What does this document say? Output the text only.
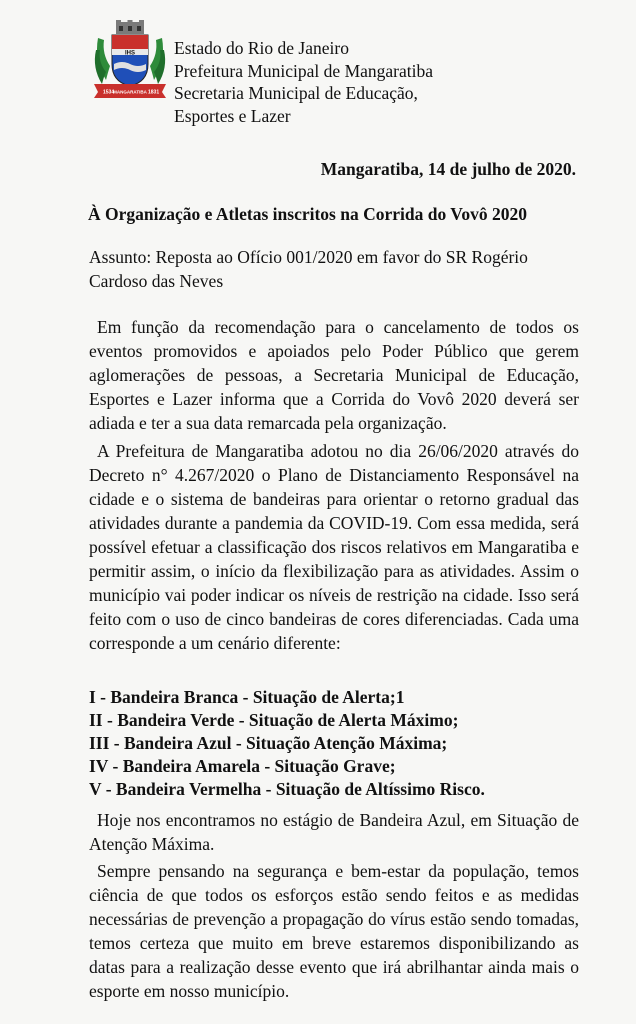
IHS
1534 MANGARATIBA 1831
Estado do Rio de Janeiro
Prefeitura Municipal de Mangaratiba
Secretaria Municipal de Educação,
Esportes e Lazer
Mangaratiba, 14 de julho de 2020.
À Organização e Atletas inscritos na Corrida do Vovô 2020
Assunto: Reposta ao Ofício 001/2020 em favor do SR Rogério Cardoso das Neves
Em função da recomendação para o cancelamento de todos os eventos promovidos e apoiados pelo Poder Público que gerem aglomerações de pessoas, a Secretaria Municipal de Educação, Esportes e Lazer informa que a Corrida do Vovô 2020 deverá ser adiada e ter a sua data remarcada pela organização.
A Prefeitura de Mangaratiba adotou no dia 26/06/2020 através do Decreto n° 4.267/2020 o Plano de Distanciamento Responsável na cidade e o sistema de bandeiras para orientar o retorno gradual das atividades durante a pandemia da COVID-19. Com essa medida, será possível efetuar a classificação dos riscos relativos em Mangaratiba e permitir assim, o início da flexibilização para as atividades. Assim o município vai poder indicar os níveis de restrição na cidade. Isso será feito com o uso de cinco bandeiras de cores diferenciadas. Cada uma corresponde a um cenário diferente:
I - Bandeira Branca - Situação de Alerta;1
II - Bandeira Verde - Situação de Alerta Máximo;
III - Bandeira Azul - Situação Atenção Máxima;
IV - Bandeira Amarela - Situação Grave;
V - Bandeira Vermelha - Situação de Altíssimo Risco.
Hoje nos encontramos no estágio de Bandeira Azul, em Situação de Atenção Máxima.
Sempre pensando na segurança e bem-estar da população, temos ciência de que todos os esforços estão sendo feitos e as medidas necessárias de prevenção a propagação do vírus estão sendo tomadas, temos certeza que muito em breve estaremos disponibilizando as datas para a realização desse evento que irá abrilhantar ainda mais o esporte em nosso município.
